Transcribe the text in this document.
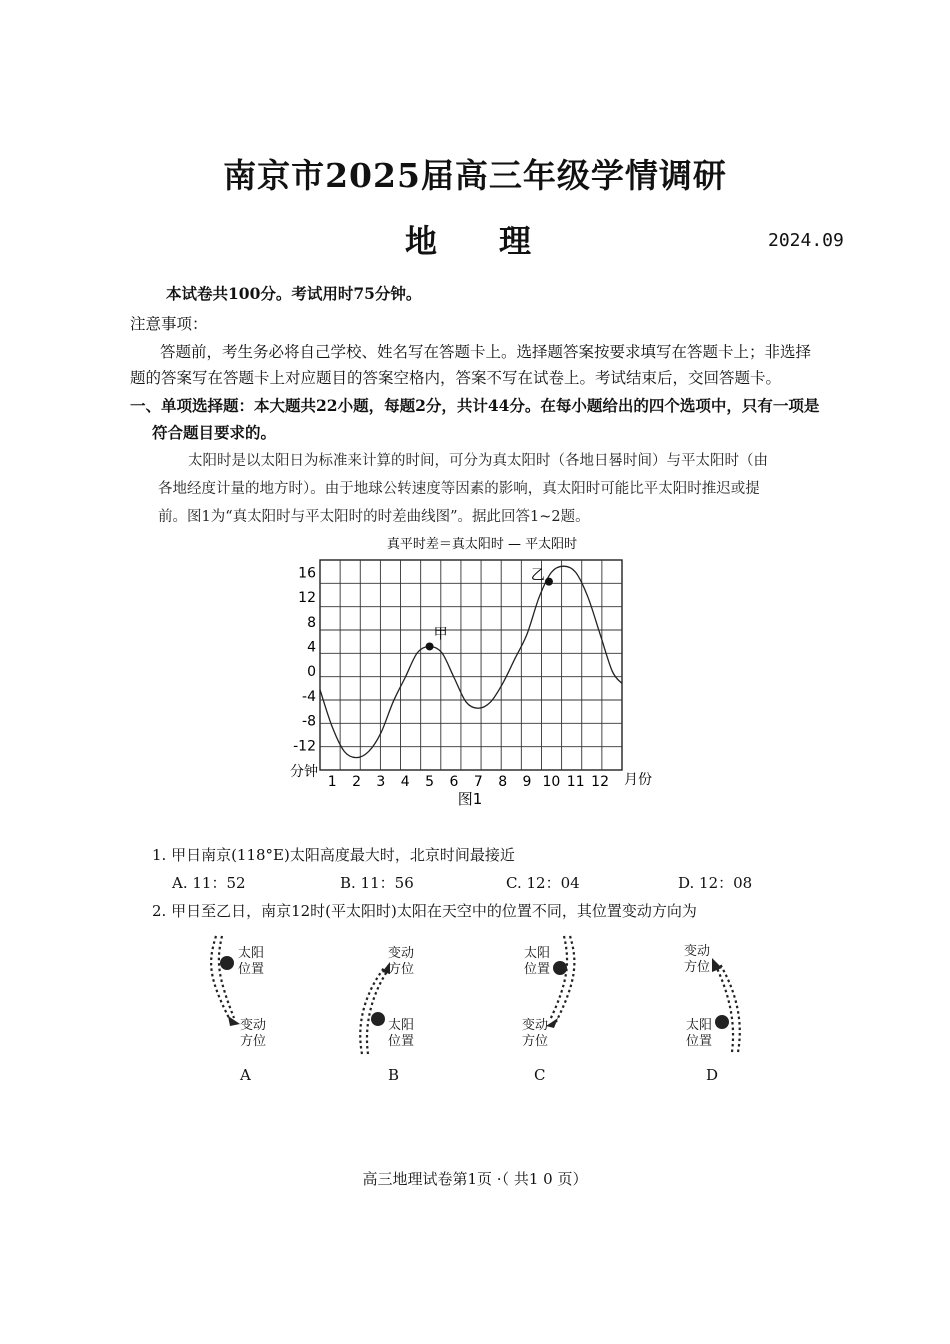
南京市2025届高三年级学情调研
地理	2024.09
本试卷共100分。考试用时75分钟。
注意事项：
答题前，考生务必将自己学校、姓名写在答题卡上。选择题答案按要求填写在答题卡上；非选择
题的答案写在答题卡上对应题目的答案空格内，答案不写在试卷上。考试结束后，交回答题卡。
一、单项选择题：本大题共22小题，每题2分，共计44分。在每小题给出的四个选项中，只有一项是
符合题目要求的。
太阳时是以太阳日为标准来计算的时间，可分为真太阳时（各地日晷时间）与平太阳时（由
各地经度计量的地方时）。由于地球公转速度等因素的影响，真太阳时可能比平太阳时推迟或提
前。图1为“真太阳时与平太阳时的时差曲线图”。据此回答1~2题。
真平时差＝真太阳时 — 平太阳时
16
12
8
4
0
-4
-8
-12
1 2 3 4 5 6 7 8 9 10 11 12
甲
乙
分钟	月份
图1
1. 甲日南京(118°E)太阳高度最大时，北京时间最接近
A. 11：52	B. 11：56	C. 12：04	D. 12：08
2. 甲日至乙日，南京12时(平太阳时)太阳在天空中的位置不同，其位置变动方向为
太阳位置
变动方位
A
变动方位
太阳位置
B
太阳位置
变动方位
C
变动方位
太阳位置
D
高三地理试卷第1页 ·（ 共1 0 页）
